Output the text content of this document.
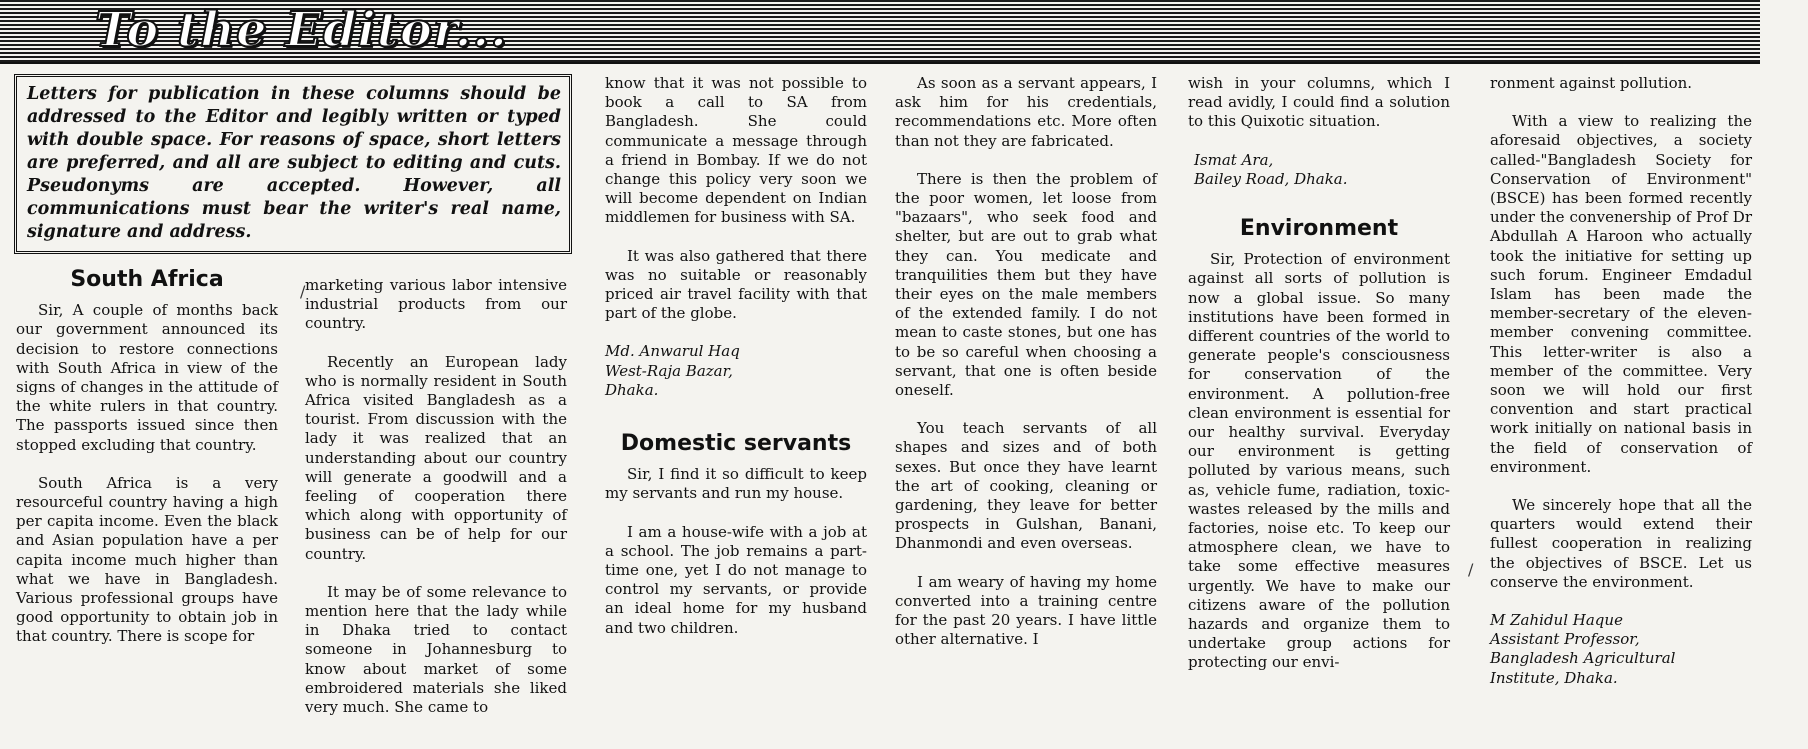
To the Editor...
Letters for publication in these columns should be addressed to the Editor and legibly written or typed with double space. For reasons of space, short letters are preferred, and all are subject to editing and cuts. Pseudonyms are accepted. However, all communications must bear the writer's real name, signature and address.
South Africa

Sir, A couple of months back our government announced its decision to restore connections with South Africa in view of the signs of changes in the attitude of the white rulers in that country. The passports issued since then stopped excluding that country.

South Africa is a very resourceful country having a high per capita income. Even the black and Asian population have a per capita income much higher than what we have in Bangladesh. Various professional groups have good opportunity to obtain job in that country. There is scope for

marketing various labor intensive industrial products from our country.

Recently an European lady who is normally resident in South Africa visited Bangladesh as a tourist. From discussion with the lady it was realized that an understanding about our country will generate a goodwill and a feeling of cooperation there which along with opportunity of business can be of help for our country.

It may be of some relevance to mention here that the lady while in Dhaka tried to contact someone in Johannesburg to know about market of some embroidered materials she liked very much. She came to

know that it was not possible to book a call to SA from Bangladesh. She could communicate a message through a friend in Bombay. If we do not change this policy very soon we will become dependent on Indian middlemen for business with SA.

It was also gathered that there was no suitable or reasonably priced air travel facility with that part of the globe.

Md. Anwarul Haq
West-Raja Bazar,
Dhaka.
Domestic servants

Sir, I find it so difficult to keep my servants and run my house.

I am a house-wife with a job at a school. The job remains a part-time one, yet I do not manage to control my servants, or provide an ideal home for my husband and two children.

As soon as a servant appears, I ask him for his credentials, recommendations etc. More often than not they are fabricated.

There is then the problem of the poor women, let loose from "bazaars", who seek food and shelter, but are out to grab what they can. You medicate and tranquilities them but they have their eyes on the male members of the extended family. I do not mean to caste stones, but one has to be so careful when choosing a servant, that one is often beside oneself.

You teach servants of all shapes and sizes and of both sexes. But once they have learnt the art of cooking, cleaning or gardening, they leave for better prospects in Gulshan, Banani, Dhanmondi and even overseas.

I am weary of having my home converted into a training centre for the past 20 years. I have little other alternative. I

wish in your columns, which I read avidly, I could find a solution to this Quixotic situation.

Ismat Ara,
Bailey Road, Dhaka.
Environment

Sir, Protection of environment against all sorts of pollution is now a global issue. So many institutions have been formed in different countries of the world to generate people's consciousness for conservation of the environment. A pollution-free clean environment is essential for our healthy survival. Everyday our environment is getting polluted by various means, such as, vehicle fume, radiation, toxic-wastes released by the mills and factories, noise etc. To keep our atmosphere clean, we have to take some effective measures urgently. We have to make our citizens aware of the pollution hazards and organize them to undertake group actions for protecting our envi-

ronment against pollution.

With a view to realizing the aforesaid objectives, a society called-"Bangladesh Society for Conservation of Environment" (BSCE) has been formed recently under the convenership of Prof Dr Abdullah A Haroon who actually took the initiative for setting up such forum. Engineer Emdadul Islam has been made the member-secretary of the eleven-member convening committee. This letter-writer is also a member of the committee. Very soon we will hold our first convention and start practical work initially on national basis in the field of conservation of environment.

We sincerely hope that all the quarters would extend their fullest cooperation in realizing the objectives of BSCE. Let us conserve the environment.

M Zahidul Haque
Assistant Professor,
Bangladesh Agricultural
Institute, Dhaka.
/
/
